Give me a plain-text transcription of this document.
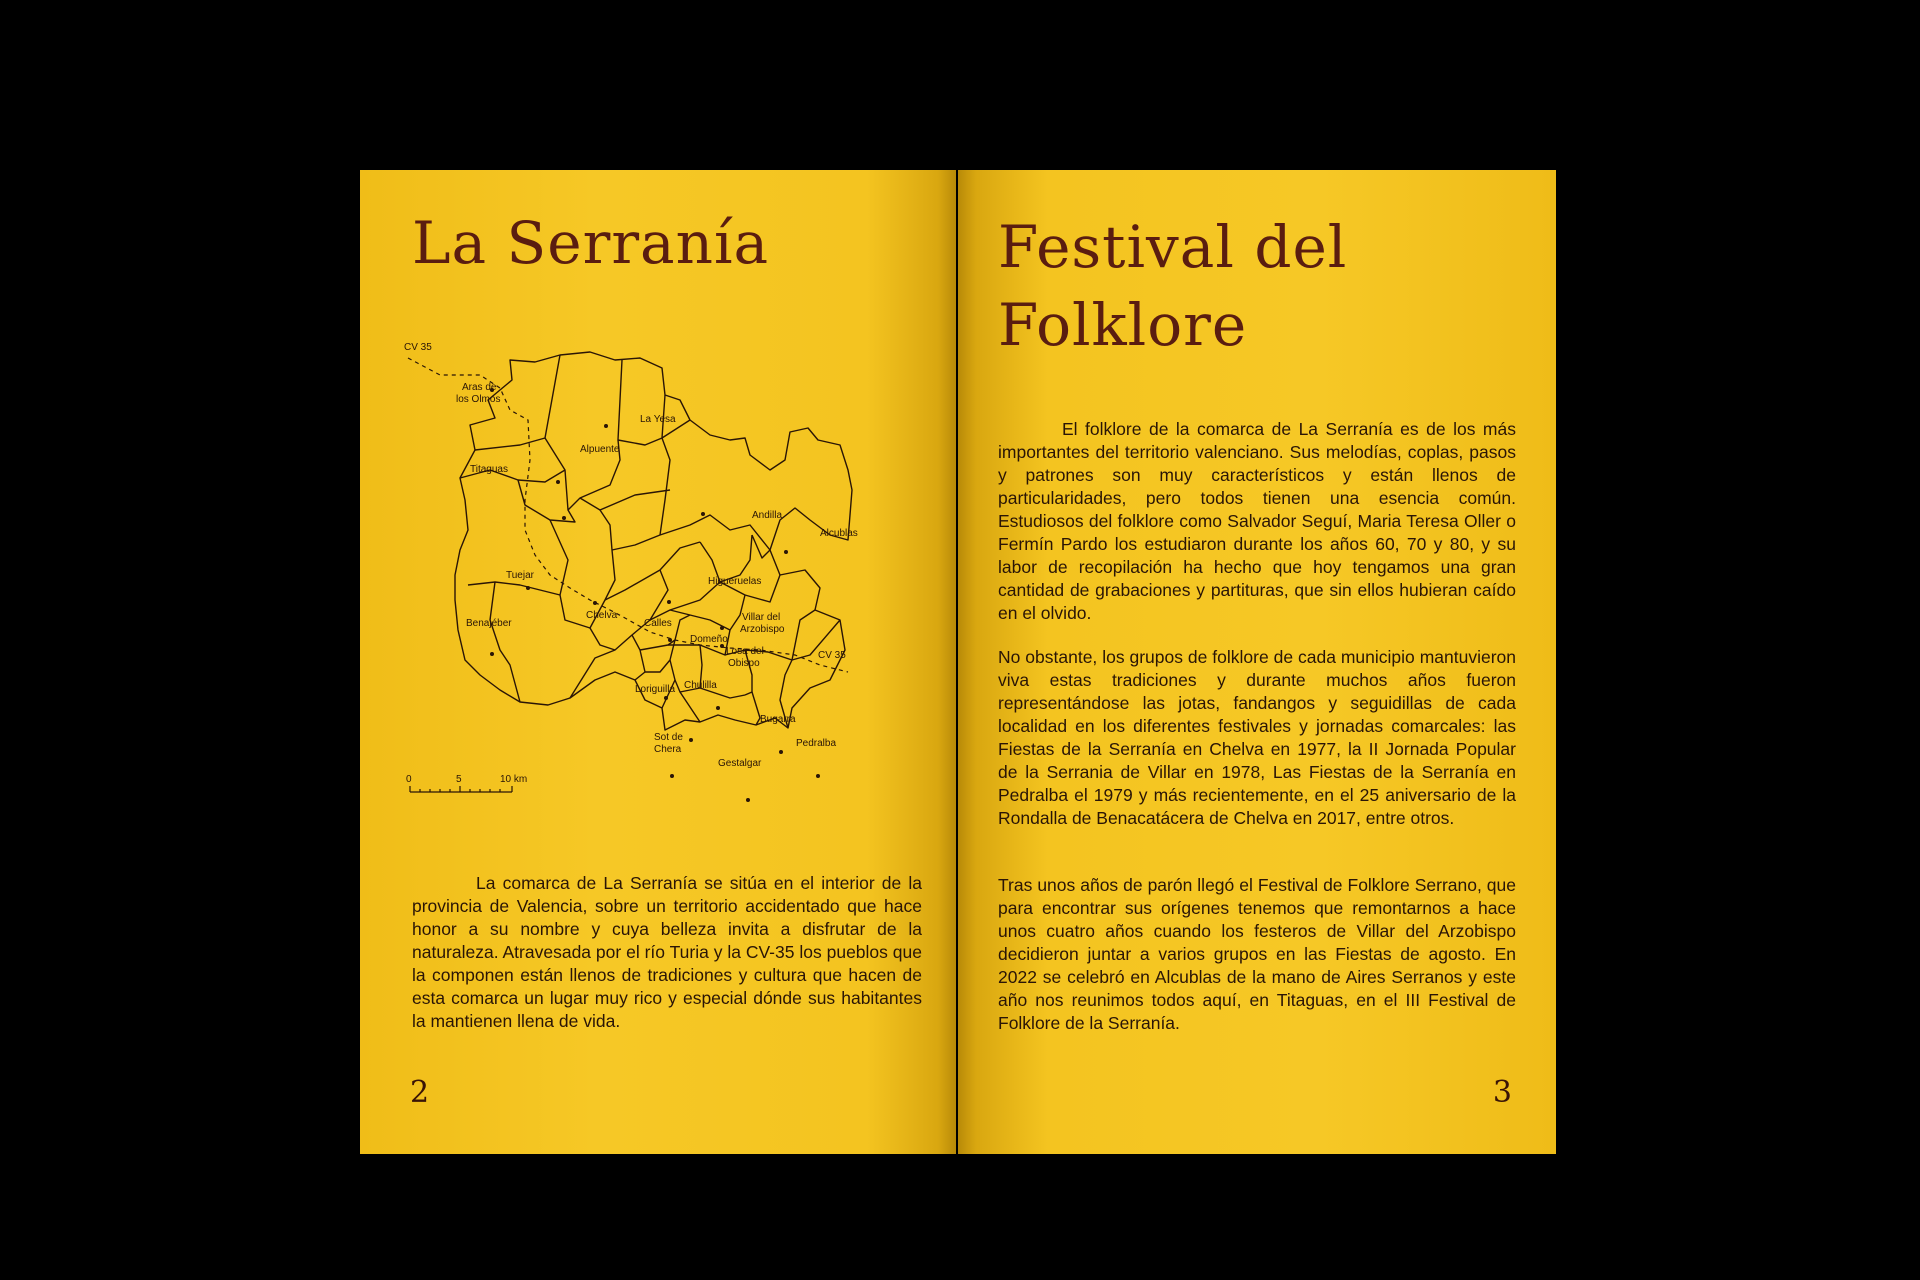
La Serranía
CV 35
CV 35
Aras de
los Olmos
La Yesa
Alpuente
Titaguas
Andilla
Alcublas
Tuejar
Higueruelas
Chelva
Calles
Benajéber
Villar del
Arzobispo
Domeño
Losa del
Obispo
Chulilla
Loriguilla
Bugarra
Sot de
Chera
Pedralba
Gestalgar
0	5	10 km

La comarca de La Serranía se sitúa en el interior de la provincia de Valencia, sobre un territorio accidentado que hace honor a su nombre y cuya belleza invita a disfrutar de la naturaleza. Atravesada por el río Turia y la CV-35 los pueblos que la componen están llenos de tradiciones y cultura que hacen de esta comarca un lugar muy rico y especial dónde sus habitantes la mantienen llena de vida.

2
Festival del
Folklore

El folklore de la comarca de La Serranía es de los más importantes del territorio valenciano. Sus melodías, coplas, pasos y patrones son muy característicos y están llenos de particularidades, pero todos tienen una esencia común. Estudiosos del folklore como Salvador Seguí, Maria Teresa Oller o Fermín Pardo los estudiaron durante los años 60, 70 y 80, y su labor de recopilación ha hecho que hoy tengamos una gran cantidad de grabaciones y partituras, que sin ellos hubieran caído en el olvido.

No obstante, los grupos de folklore de cada municipio mantuvieron viva estas tradiciones y durante muchos años fueron representándose las jotas, fandangos y seguidillas de cada localidad en los diferentes festivales y jornadas comarcales: las Fiestas de la Serranía en Chelva en 1977, la II Jornada Popular de la Serrania de Villar en 1978, Las Fiestas de la Serranía en Pedralba el 1979 y más recientemente, en el 25 aniversario de la Rondalla de Benacatácera de Chelva en 2017, entre otros.

Tras unos años de parón llegó el Festival de Folklore Serrano, que para encontrar sus orígenes tenemos que remontarnos a hace unos cuatro años cuando los festeros de Villar del Arzobispo decidieron juntar a varios grupos en las Fiestas de agosto. En 2022 se celebró en Alcublas de la mano de Aires Serranos y este año nos reunimos todos aquí, en Titaguas, en el III Festival de Folklore de la Serranía.

3
